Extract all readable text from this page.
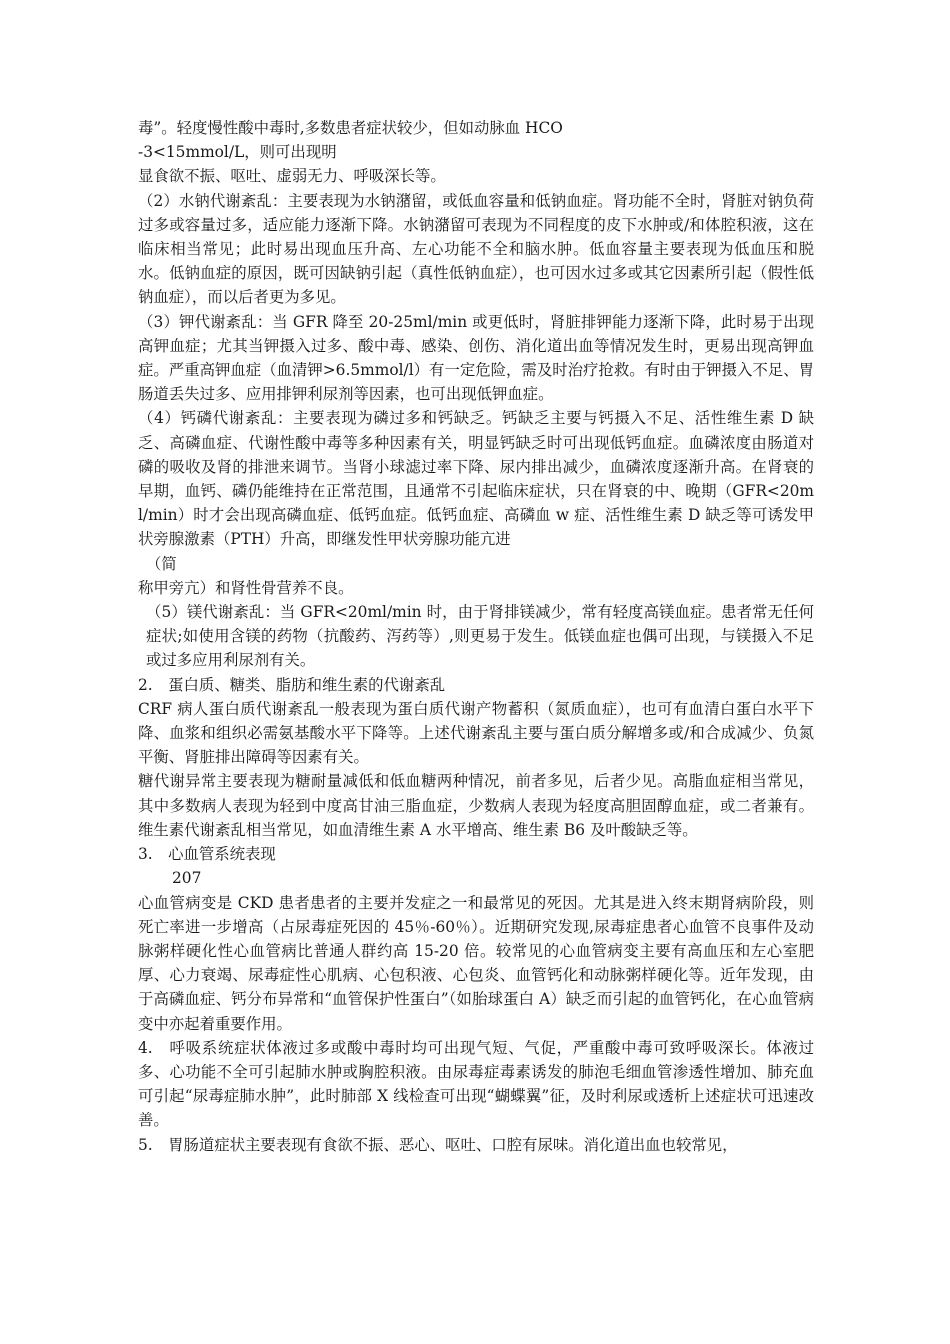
毒”。轻度慢性酸中毒时,多数患者症状较少，但如动脉血 HCO

-3<15mmol/L，则可出现明

显食欲不振、呕吐、虚弱无力、呼吸深长等。

（2）水钠代谢紊乱：主要表现为水钠潴留，或低血容量和低钠血症。肾功能不全时，肾脏对钠负荷过多或容量过多，适应能力逐渐下降。水钠潴留可表现为不同程度的皮下水肿或/和体腔积液，这在临床相当常见；此时易出现血压升高、左心功能不全和脑水肿。低血容量主要表现为低血压和脱水。低钠血症的原因，既可因缺钠引起（真性低钠血症），也可因水过多或其它因素所引起（假性低钠血症），而以后者更为多见。

（3）钾代谢紊乱：当 GFR 降至 20-25ml/min 或更低时，肾脏排钾能力逐渐下降，此时易于出现高钾血症；尤其当钾摄入过多、酸中毒、感染、创伤、消化道出血等情况发生时，更易出现高钾血症。严重高钾血症（血清钾>6.5mmol/l）有一定危险，需及时治疗抢救。有时由于钾摄入不足、胃肠道丢失过多、应用排钾利尿剂等因素，也可出现低钾血症。

（4）钙磷代谢紊乱：主要表现为磷过多和钙缺乏。钙缺乏主要与钙摄入不足、活性维生素 D 缺乏、高磷血症、代谢性酸中毒等多种因素有关，明显钙缺乏时可出现低钙血症。血磷浓度由肠道对磷的吸收及肾的排泄来调节。当肾小球滤过率下降、尿内排出减少，血磷浓度逐渐升高。在肾衰的早期，血钙、磷仍能维持在正常范围，且通常不引起临床症状，只在肾衰的中、晚期（GFR<20ml/min）时才会出现高磷血症、低钙血症。低钙血症、高磷血 w 症、活性维生素 D 缺乏等可诱发甲状旁腺激素（PTH）升高，即继发性甲状旁腺功能亢进

（简

称甲旁亢）和肾性骨营养不良。

（5）镁代谢紊乱：当 GFR<20ml/min 时，由于肾排镁减少，常有轻度高镁血症。患者常无任何症状;如使用含镁的药物（抗酸药、泻药等）,则更易于发生。低镁血症也偶可出现，与镁摄入不足或过多应用利尿剂有关。

2.　蛋白质、糖类、脂肪和维生素的代谢紊乱

CRF 病人蛋白质代谢紊乱一般表现为蛋白质代谢产物蓄积（氮质血症），也可有血清白蛋白水平下降、血浆和组织必需氨基酸水平下降等。上述代谢紊乱主要与蛋白质分解增多或/和合成减少、负氮平衡、肾脏排出障碍等因素有关。

糖代谢异常主要表现为糖耐量减低和低血糖两种情况，前者多见，后者少见。高脂血症相当常见，其中多数病人表现为轻到中度高甘油三脂血症，少数病人表现为轻度高胆固醇血症，或二者兼有。维生素代谢紊乱相当常见，如血清维生素 A 水平增高、维生素 B6 及叶酸缺乏等。

3.　心血管系统表现

207

心血管病变是 CKD 患者患者的主要并发症之一和最常见的死因。尤其是进入终末期肾病阶段，则死亡率进一步增高（占尿毒症死因的 45％-60％）。近期研究发现,尿毒症患者心血管不良事件及动脉粥样硬化性心血管病比普通人群约高 15-20 倍。较常见的心血管病变主要有高血压和左心室肥厚、心力衰竭、尿毒症性心肌病、心包积液、心包炎、血管钙化和动脉粥样硬化等。近年发现，由于高磷血症、钙分布异常和“血管保护性蛋白”（如胎球蛋白 A）缺乏而引起的血管钙化，在心血管病变中亦起着重要作用。

4.　呼吸系统症状体液过多或酸中毒时均可出现气短、气促，严重酸中毒可致呼吸深长。体液过多、心功能不全可引起肺水肿或胸腔积液。由尿毒症毒素诱发的肺泡毛细血管渗透性增加、肺充血可引起“尿毒症肺水肿”，此时肺部 X 线检查可出现“蝴蝶翼”征，及时利尿或透析上述症状可迅速改善。

5.　胃肠道症状主要表现有食欲不振、恶心、呕吐、口腔有尿味。消化道出血也较常见，
